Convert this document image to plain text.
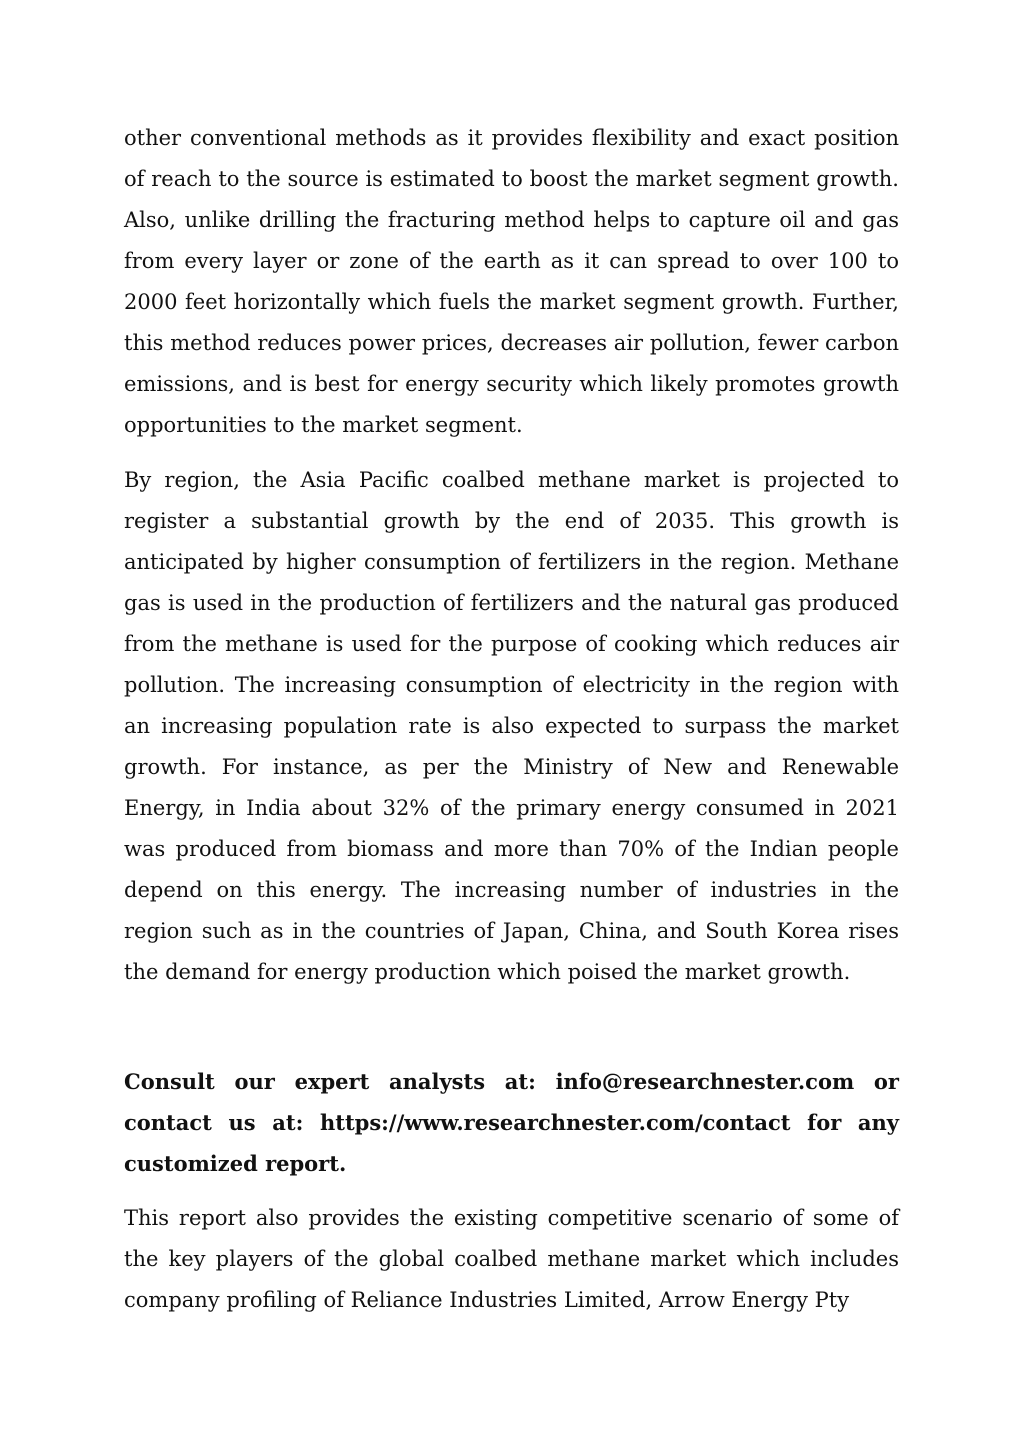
other conventional methods as it provides flexibility and exact position of reach to the source is estimated to boost the market segment growth. Also, unlike drilling the fracturing method helps to capture oil and gas from every layer or zone of the earth as it can spread to over 100 to 2000 feet horizontally which fuels the market segment growth. Further, this method reduces power prices, decreases air pollution, fewer carbon emissions, and is best for energy security which likely promotes growth opportunities to the market segment.

By region, the Asia Pacific coalbed methane market is projected to register a substantial growth by the end of 2035. This growth is anticipated by higher consumption of fertilizers in the region. Methane gas is used in the production of fertilizers and the natural gas produced from the methane is used for the purpose of cooking which reduces air pollution. The increasing consumption of electricity in the region with an increasing population rate is also expected to surpass the market growth. For instance, as per the Ministry of New and Renewable Energy, in India about 32% of the primary energy consumed in 2021 was produced from biomass and more than 70% of the Indian people depend on this energy. The increasing number of industries in the region such as in the countries of Japan, China, and South Korea rises the demand for energy production which poised the market growth.

Consult our expert analysts at: info@researchnester.com or contact us at: https://www.researchnester.com/contact for any customized report.

This report also provides the existing competitive scenario of some of the key players of the global coalbed methane market which includes company profiling of Reliance Industries Limited, Arrow Energy Pty
